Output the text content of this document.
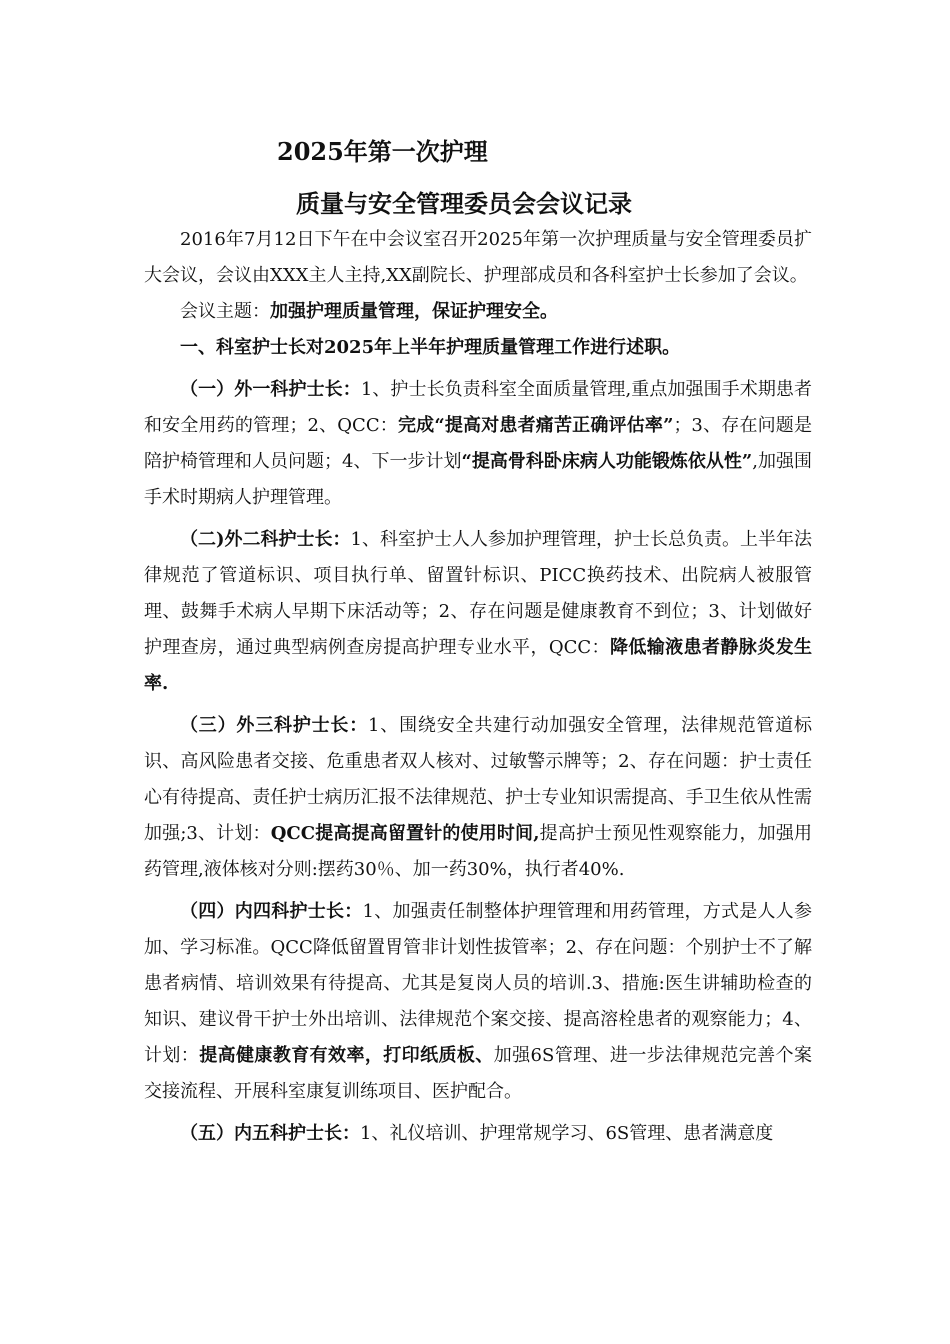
2025年第一次护理
质量与安全管理委员会会议记录

2016年7月12日下午在中会议室召开2025年第一次护理质量与安全管理委员扩大会议，会议由XXX主人主持,XX副院长、护理部成员和各科室护士长参加了会议。

会议主题：加强护理质量管理，保证护理安全。

一、科室护士长对2025年上半年护理质量管理工作进行述职。

（一）外一科护士长：1、护士长负责科室全面质量管理,重点加强围手术期患者和安全用药的管理；2、QCC：完成“提高对患者痛苦正确评估率”；3、存在问题是陪护椅管理和人员问题；4、下一步计划“提高骨科卧床病人功能锻炼依从性”,加强围手术时期病人护理管理。

（二)外二科护士长：1、科室护士人人参加护理管理，护士长总负责。上半年法律规范了管道标识、项目执行单、留置针标识、PICC换药技术、出院病人被服管理、鼓舞手术病人早期下床活动等；2、存在问题是健康教育不到位；3、计划做好护理查房，通过典型病例查房提高护理专业水平，QCC：降低输液患者静脉炎发生率.

（三）外三科护士长：1、围绕安全共建行动加强安全管理，法律规范管道标识、高风险患者交接、危重患者双人核对、过敏警示牌等；2、存在问题：护士责任心有待提高、责任护士病历汇报不法律规范、护士专业知识需提高、手卫生依从性需加强;3、计划：QCC提高提高留置针的使用时间,提高护士预见性观察能力，加强用药管理,液体核对分则:摆药30％、加一药30%，执行者40%.

（四）内四科护士长：1、加强责任制整体护理管理和用药管理，方式是人人参加、学习标准。QCC降低留置胃管非计划性拔管率；2、存在问题：个别护士不了解患者病情、培训效果有待提高、尤其是复岗人员的培训.3、措施:医生讲辅助检查的知识、建议骨干护士外出培训、法律规范个案交接、提高溶栓患者的观察能力；4、计划：提高健康教育有效率，打印纸质板、加强6S管理、进一步法律规范完善个案交接流程、开展科室康复训练项目、医护配合。

（五）内五科护士长：1、礼仪培训、护理常规学习、6S管理、患者满意度
